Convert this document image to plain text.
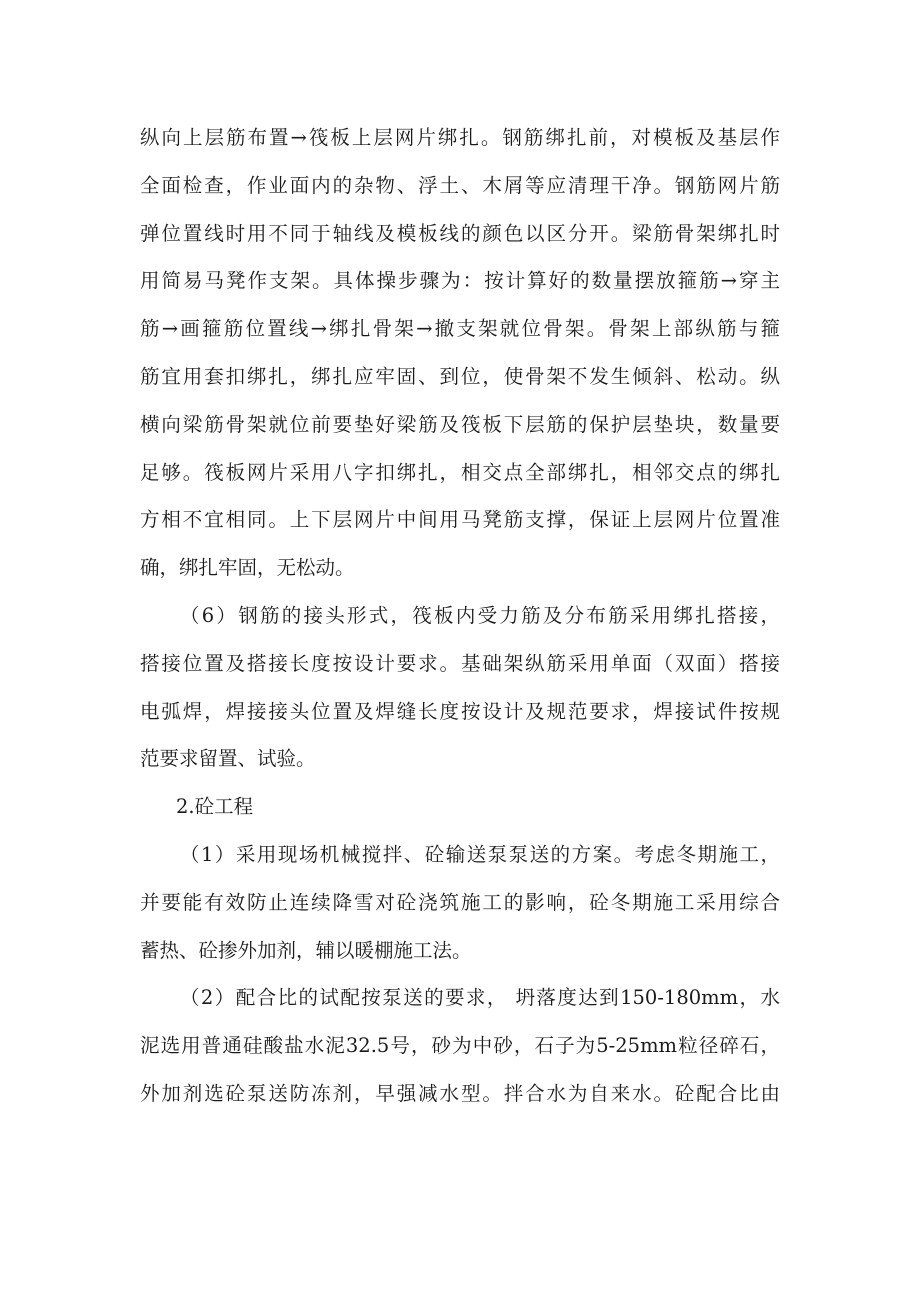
纵向上层筋布置→筏板上层网片绑扎。钢筋绑扎前，对模板及基层作
全面检查，作业面内的杂物、浮土、木屑等应清理干净。钢筋网片筋
弹位置线时用不同于轴线及模板线的颜色以区分开。梁筋骨架绑扎时
用简易马凳作支架。具体操步骤为：按计算好的数量摆放箍筋→穿主
筋→画箍筋位置线→绑扎骨架→撤支架就位骨架。骨架上部纵筋与箍
筋宜用套扣绑扎，绑扎应牢固、到位，使骨架不发生倾斜、松动。纵
横向梁筋骨架就位前要垫好梁筋及筏板下层筋的保护层垫块，数量要
足够。筏板网片采用八字扣绑扎，相交点全部绑扎，相邻交点的绑扎
方相不宜相同。上下层网片中间用马凳筋支撑，保证上层网片位置准
确，绑扎牢固，无松动。
（6）钢筋的接头形式，筏板内受力筋及分布筋采用绑扎搭接，
搭接位置及搭接长度按设计要求。基础架纵筋采用单面（双面）搭接
电弧焊，焊接接头位置及焊缝长度按设计及规范要求，焊接试件按规
范要求留置、试验。
2.砼工程
（1）采用现场机械搅拌、砼输送泵泵送的方案。考虑冬期施工，
并要能有效防止连续降雪对砼浇筑施工的影响，砼冬期施工采用综合
蓄热、砼掺外加剂，辅以暖棚施工法。
（2）配合比的试配按泵送的要求， 坍落度达到150-180mm，水
泥选用普通硅酸盐水泥32.5号，砂为中砂，石子为5-25mm粒径碎石，
外加剂选砼泵送防冻剂，早强减水型。拌合水为自来水。砼配合比由
